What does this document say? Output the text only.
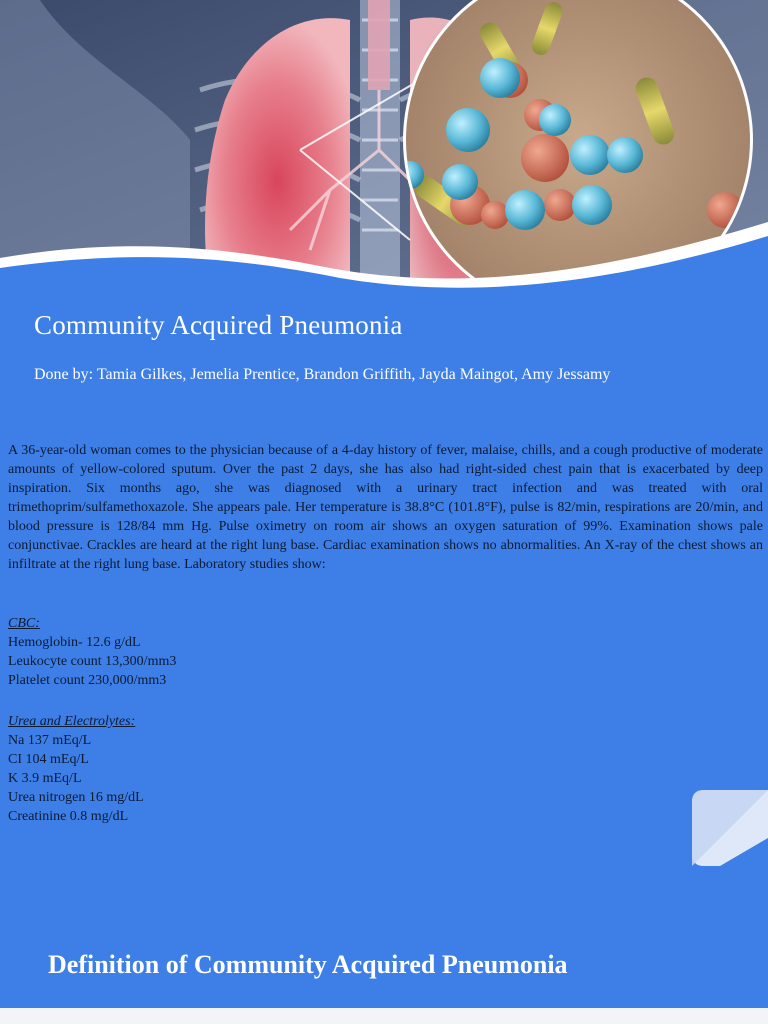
Community Acquired Pneumonia

Done by: Tamia Gilkes, Jemelia Prentice, Brandon Griffith, Jayda Maingot, Amy Jessamy

A 36-year-old woman comes to the physician because of a 4-day history of fever, malaise, chills, and a cough productive of moderate amounts of yellow-colored sputum. Over the past 2 days, she has also had right-sided chest pain that is exacerbated by deep inspiration. Six months ago, she was diagnosed with a urinary tract infection and was treated with oral trimethoprim/sulfamethoxazole. She appears pale. Her temperature is 38.8°C (101.8°F), pulse is 82/min, respirations are 20/min, and blood pressure is 128/84 mm Hg. Pulse oximetry on room air shows an oxygen saturation of 99%. Examination shows pale conjunctivae. Crackles are heard at the right lung base. Cardiac examination shows no abnormalities. An X-ray of the chest shows an infiltrate at the right lung base. Laboratory studies show:

CBC:
Hemoglobin- 12.6 g/dL
Leukocyte count 13,300/mm3
Platelet count 230,000/mm3
Urea and Electrolytes:
Na 137 mEq/L
CI 104 mEq/L
K 3.9 mEq/L
Urea nitrogen 16 mg/dL
Creatinine 0.8 mg/dL
Definition of Community Acquired Pneumonia
